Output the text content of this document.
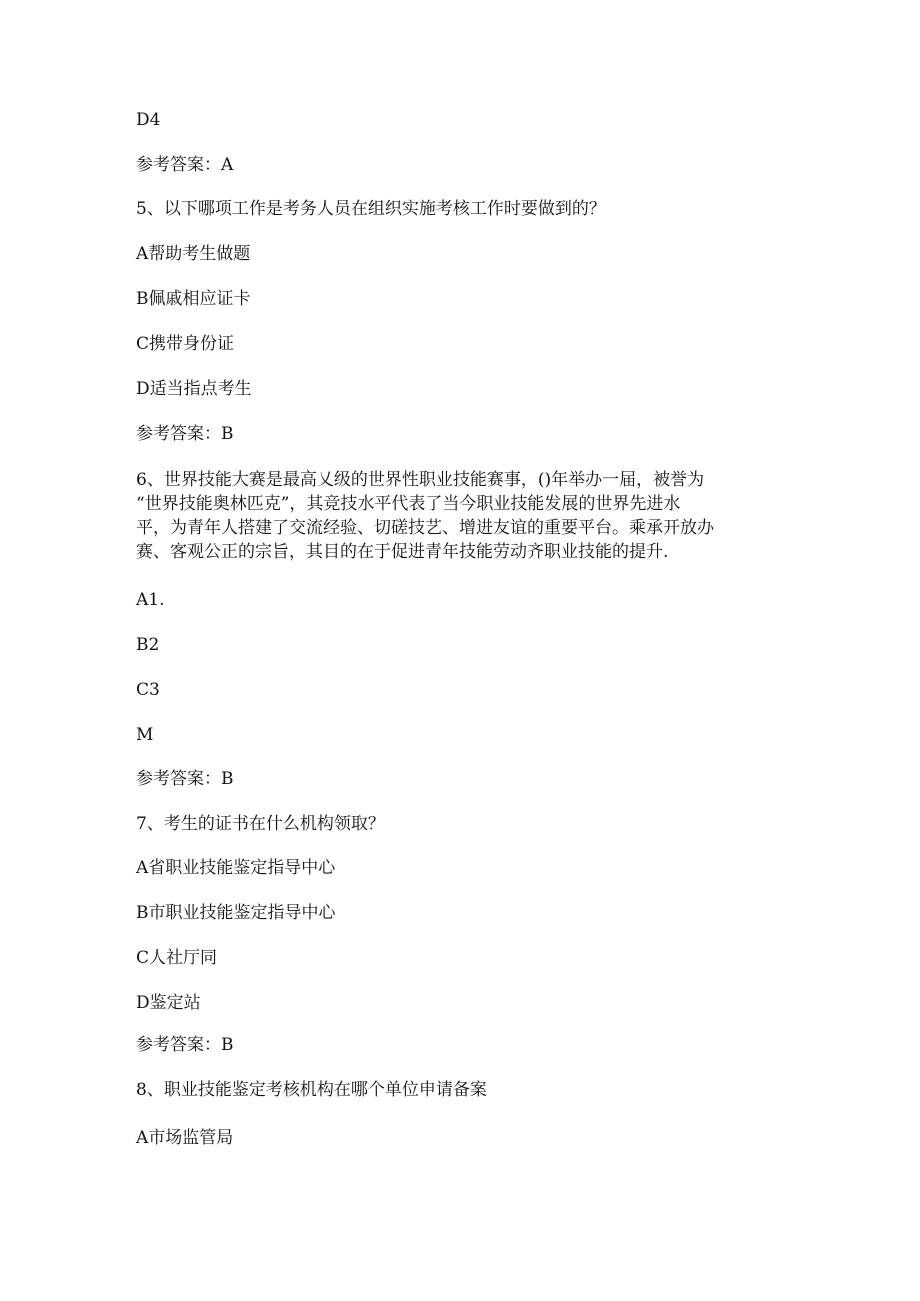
D4
参考答案：A
5、以下哪项工作是考务人员在组织实施考核工作时要做到的？
A帮助考生做题
B佩戚相应证卡
C携带身份证
D适当指点考生
参考答案：B
6、世界技能大赛是最高乂级的世界性职业技能赛事，()年举办一届，被誉为
“世界技能奥林匹克”，其竞技水平代表了当今职业技能发展的世界先进水
平，为青年人搭建了交流经验、切磋技艺、增进友谊的重要平台。乘承开放办
赛、客观公正的宗旨，其目的在于促进青年技能劳动齐职业技能的提升.
A1.
B2
C3
M
参考答案：B
7、考生的证书在什么机构领取？
A省职业技能鉴定指导中心
B市职业技能鉴定指导中心
C人社厅同
D鉴定站
参考答案：B
8、职业技能鉴定考核机构在哪个单位申请备案
A市场监管局
